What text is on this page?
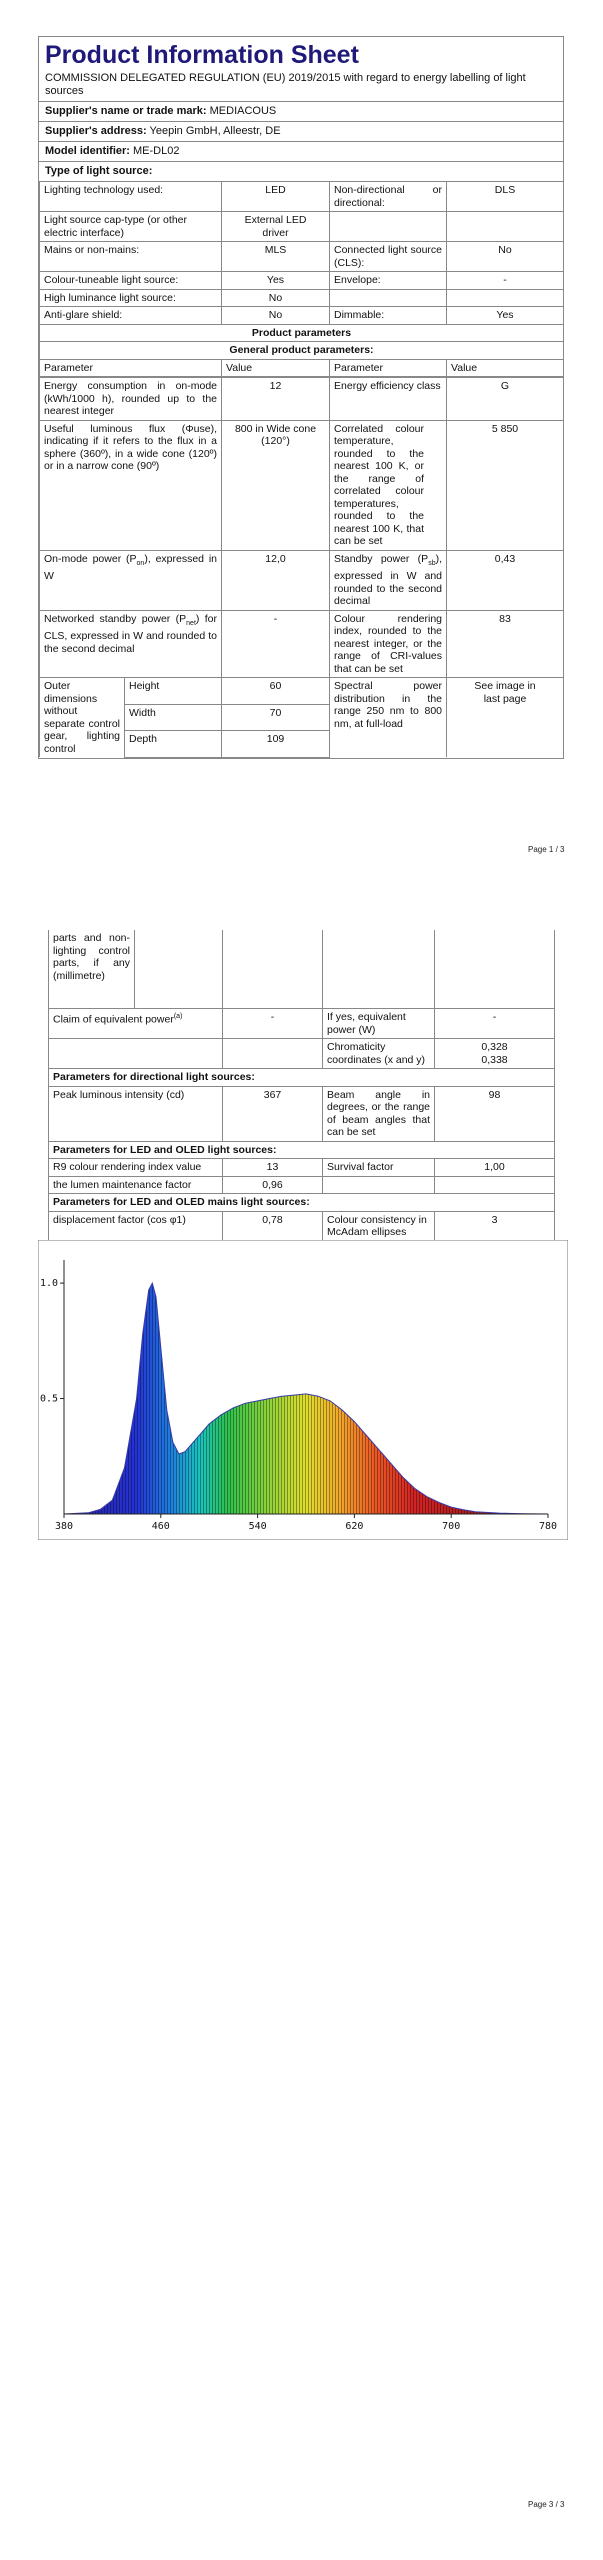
Product Information Sheet
COMMISSION DELEGATED REGULATION (EU) 2019/2015 with regard to energy labelling of light sources
Supplier's name or trade mark: MEDIACOUS
Supplier's address: Yeepin GmbH, Alleestr, DE
Model identifier: ME-DL02
Type of light source:
Lighting technology used:	LED	Non-directional or directional:	DLS
Light source cap-type (or other electric interface)	External LED driver		
Mains or non-mains:	MLS	Connected light source (CLS):	No
Colour-tuneable light source:	Yes	Envelope:	-
High luminance light source:	No		
Anti-glare shield:	No	Dimmable:	Yes
Product parameters			
General product parameters:			
Parameter	Value	Parameter	Value
Energy consumption in on-mode (kWh/1000 h), rounded up to the nearest integer		12	Energy efficiency class	G
Useful luminous flux (Φuse), indicating if it refers to the flux in a sphere (360º), in a wide cone (120º) or in a narrow cone (90º)		800 in Wide cone (120°)	Correlated colour temperature, rounded to the nearest 100 K, or the range of correlated colour temperatures, rounded to the nearest 100 K, that can be set	5 850
On-mode power $(P_{on})$, expressed in W		12,0	Standby power $(P_{sb})$, expressed in W and rounded to the second decimal	0,43
Networked standby power $(P_{net})$ for CLS, expressed in W and rounded to the second decimal		-	Colour rendering index, rounded to the nearest integer, or the range of CRI-values that can be set	83
Outer dimensions without separate control gear, lighting control	Height	60	Spectral power distribution in the range 250 nm to 800 nm, at full-load	See image in last page
	Width	70		
	Depth	109		
Page 1 / 3
parts and non-lighting control parts, if any (millimetre)				
Claim of equivalent power$^{(a)}$		-	If yes, equivalent power (W)	-
			Chromaticity coordinates (x and y)	0,328
0,338

Parameters for directional light sources:				
Peak luminous intensity (cd)		367	Beam angle in degrees, or the range of beam angles that can be set	98
Parameters for LED and OLED light sources:				
R9 colour rendering index value		13	Survival factor	1,00
the lumen maintenance factor		0,96		
Parameters for LED and OLED mains light sources:				
displacement factor (cos φ1)		0,78	Colour consistency in McAdam ellipses	3

380	460	540	620	700	780
0.5
1.0
Page 3 / 3
